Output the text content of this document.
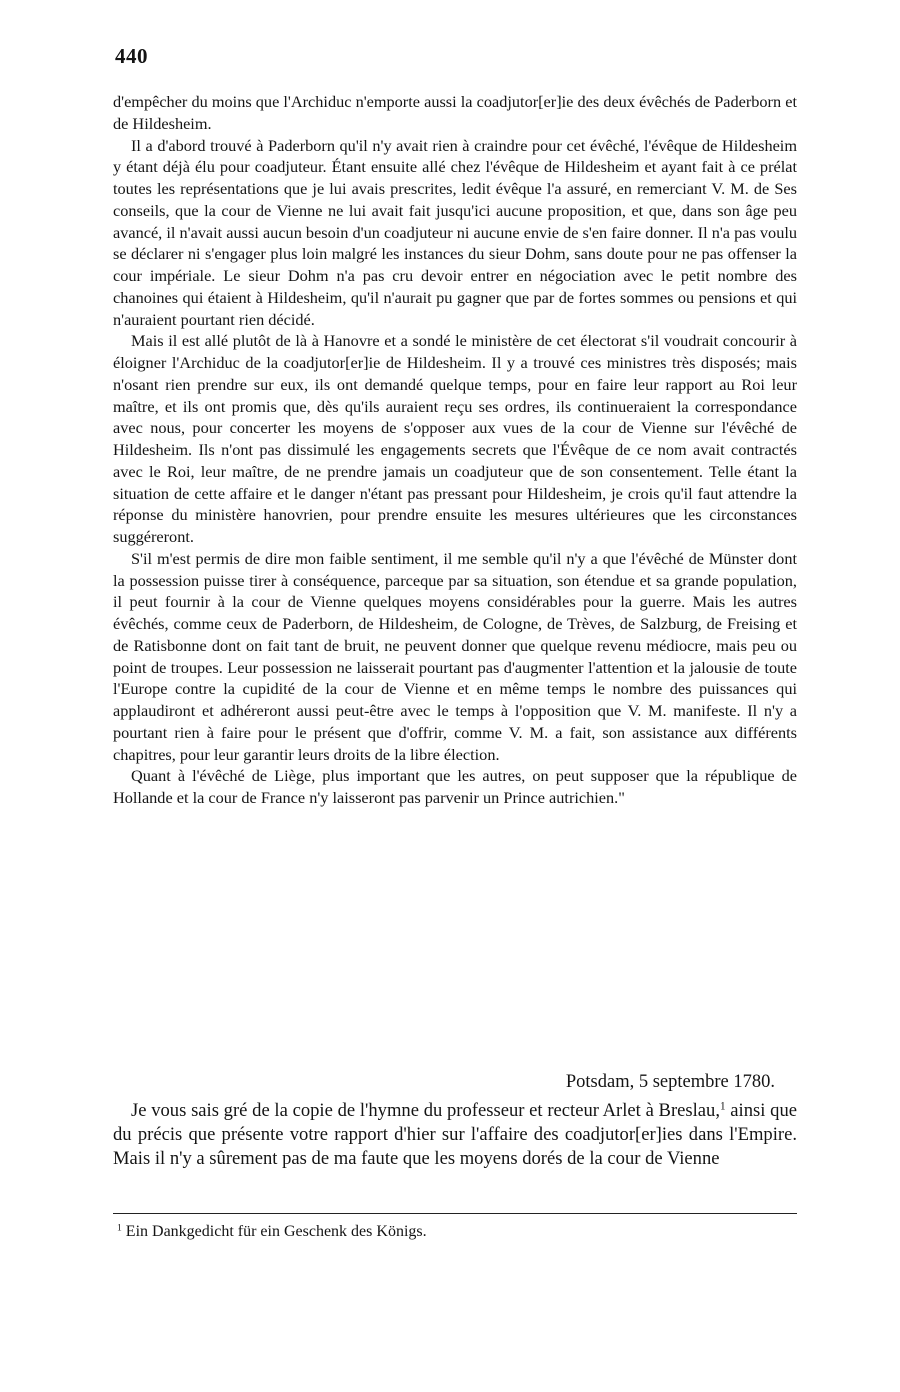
440

d'empêcher du moins que l'Archiduc n'emporte aussi la coadjutor[er]ie des deux évêchés de Paderborn et de Hildesheim.

Il a d'abord trouvé à Paderborn qu'il n'y avait rien à craindre pour cet évêché, l'évêque de Hildesheim y étant déjà élu pour coadjuteur. Étant ensuite allé chez l'évêque de Hildesheim et ayant fait à ce prélat toutes les représentations que je lui avais prescrites, ledit évêque l'a assuré, en remerciant V. M. de Ses conseils, que la cour de Vienne ne lui avait fait jusqu'ici aucune proposition, et que, dans son âge peu avancé, il n'avait aussi aucun besoin d'un coadjuteur ni aucune envie de s'en faire donner. Il n'a pas voulu se déclarer ni s'engager plus loin malgré les instances du sieur Dohm, sans doute pour ne pas offenser la cour impériale. Le sieur Dohm n'a pas cru devoir entrer en négociation avec le petit nombre des chanoines qui étaient à Hildesheim, qu'il n'aurait pu gagner que par de fortes sommes ou pensions et qui n'auraient pourtant rien décidé.

Mais il est allé plutôt de là à Hanovre et a sondé le ministère de cet électorat s'il voudrait concourir à éloigner l'Archiduc de la coadjutor[er]ie de Hildesheim. Il y a trouvé ces ministres très disposés; mais n'osant rien prendre sur eux, ils ont demandé quelque temps, pour en faire leur rapport au Roi leur maître, et ils ont promis que, dès qu'ils auraient reçu ses ordres, ils continueraient la correspondance avec nous, pour concerter les moyens de s'opposer aux vues de la cour de Vienne sur l'évêché de Hildesheim. Ils n'ont pas dissimulé les engagements secrets que l'Évêque de ce nom avait contractés avec le Roi, leur maître, de ne prendre jamais un coadjuteur que de son consentement. Telle étant la situation de cette affaire et le danger n'étant pas pressant pour Hildesheim, je crois qu'il faut attendre la réponse du ministère hanovrien, pour prendre ensuite les mesures ultérieures que les circonstances suggéreront.

S'il m'est permis de dire mon faible sentiment, il me semble qu'il n'y a que l'évêché de Münster dont la possession puisse tirer à conséquence, parceque par sa situation, son étendue et sa grande population, il peut fournir à la cour de Vienne quelques moyens considérables pour la guerre. Mais les autres évêchés, comme ceux de Paderborn, de Hildesheim, de Cologne, de Trèves, de Salzburg, de Freising et de Ratisbonne dont on fait tant de bruit, ne peuvent donner que quelque revenu médiocre, mais peu ou point de troupes. Leur possession ne laisserait pourtant pas d'augmenter l'attention et la jalousie de toute l'Europe contre la cupidité de la cour de Vienne et en même temps le nombre des puissances qui applaudiront et adhéreront aussi peut-être avec le temps à l'opposition que V. M. manifeste. Il n'y a pourtant rien à faire pour le présent que d'offrir, comme V. M. a fait, son assistance aux différents chapitres, pour leur garantir leurs droits de la libre élection.

Quant à l'évêché de Liège, plus important que les autres, on peut supposer que la république de Hollande et la cour de France n'y laisseront pas parvenir un Prince autrichien."

Potsdam, 5 septembre 1780.

Je vous sais gré de la copie de l'hymne du professeur et recteur Arlet à Breslau,$^1$ ainsi que du précis que présente votre rapport d'hier sur l'affaire des coadjutor[er]ies dans l'Empire. Mais il n'y a sûrement pas de ma faute que les moyens dorés de la cour de Vienne

$^1$ Ein Dankgedicht für ein Geschenk des Königs.
